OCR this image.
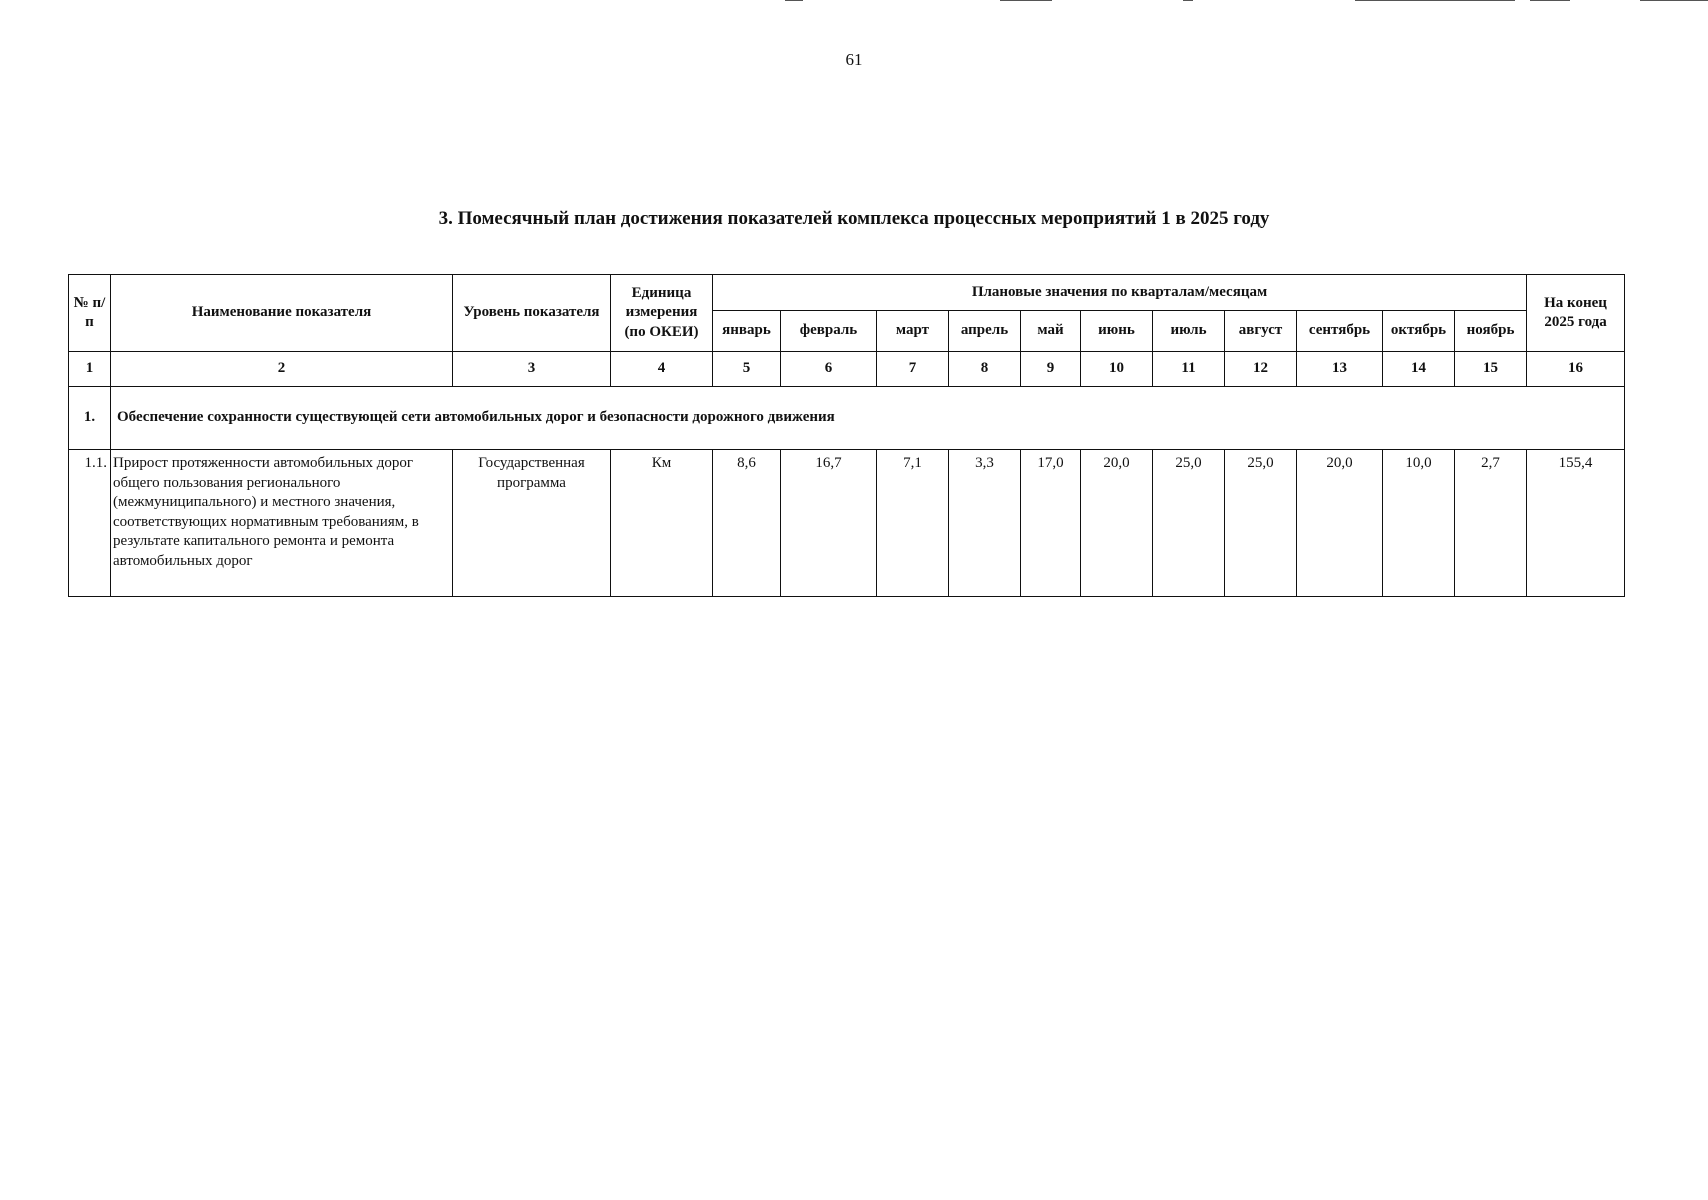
61
3. Помесячный план достижения показателей комплекса процессных мероприятий 1 в 2025 году
№ п/п	Наименование показателя	Уровень показателя	Единица измерения (по ОКЕИ)	Плановые значения по кварталам/месяцам											На конец 2025 года
				январь	февраль	март	апрель	май	июнь	июль	август	сентябрь	октябрь	ноябрь	
1	2	3	4	5	6	7	8	9	10	11	12	13	14	15	16
1.	Обеспечение сохранности существующей сети автомобильных дорог и безопасности дорожного движения														
1.1.	Прирост протяженности автомобильных дорог общего пользования регионального (межмуниципального) и местного значения, соответствующих нормативным требованиям, в результате капитального ремонта и ремонта автомобильных дорог	Государственная программа	Км	8,6	16,7	7,1	3,3	17,0	20,0	25,0	25,0	20,0	10,0	2,7	155,4
